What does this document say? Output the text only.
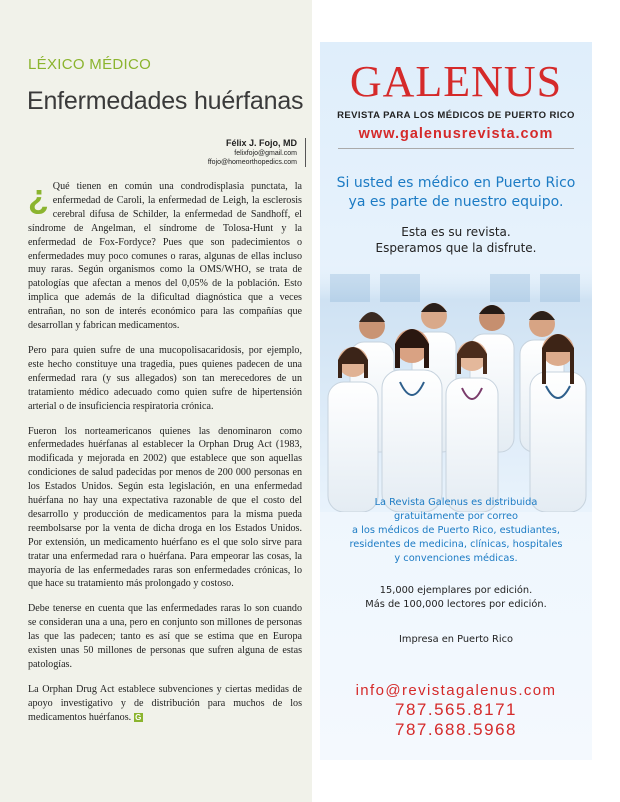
LÉXICO MÉDICO
Enfermedades huérfanas
Félix J. Fojo, MD
felixfojo@gmail.com
ffojo@homeorthopedics.com

¿ Qué tienen en común una condrodisplasia punctata, la enfermedad de Caroli, la enfermedad de Leigh, la esclerosis cerebral difusa de Schilder, la enfermedad de Sandhoff, el síndrome de Angelman, el síndrome de Tolosa-Hunt y la enfermedad de Fox-Fordyce? Pues que son padecimientos o enfermedades muy poco comunes o raras, algunas de ellas incluso muy raras. Según organismos como la OMS/WHO, se trata de patologías que afectan a menos del 0,05% de la población. Esto implica que además de la dificultad diagnóstica que a veces entrañan, no son de interés económico para las compañías que desarrollan y fabrican medicamentos.

Pero para quien sufre de una mucopolisacaridosis, por ejemplo, este hecho constituye una tragedia, pues quienes padecen de una enfermedad rara (y sus allegados) son tan merecedores de un tratamiento médico adecuado como quien sufre de hipertensión arterial o de insuficiencia respiratoria crónica.

Fueron los norteamericanos quienes las denominaron como enfermedades huérfanas al establecer la Orphan Drug Act (1983, modificada y mejorada en 2002) que establece que son aquellas condiciones de salud padecidas por menos de 200 000 personas en los Estados Unidos. Según esta legislación, en una enfermedad huérfana no hay una expectativa razonable de que el costo del desarrollo y producción de medicamentos para la misma pueda reembolsarse por la venta de dicha droga en los Estados Unidos. Por extensión, un medicamento huérfano es el que solo sirve para tratar una enfermedad rara o huérfana. Para empeorar las cosas, la mayoría de las enfermedades raras son enfermedades crónicas, lo que hace su tratamiento más prolongado y costoso.

Debe tenerse en cuenta que las enfermedades raras lo son cuando se consideran una a una, pero en conjunto son millones de personas las que las padecen; tanto es así que se estima que en Europa existen unas 50 millones de personas que sufren alguna de estas patologías.

La Orphan Drug Act establece subvenciones y ciertas medidas de apoyo investigativo y de distribución para muchos de los medicamentos huérfanos. G

GALENUS
REVISTA PARA LOS MÉDICOS DE PUERTO RICO
www.galenusrevista.com
Si usted es médico en Puerto Rico
ya es parte de nuestro equipo.
Esta es su revista.
Esperamos que la disfrute.
La Revista Galenus es distribuida
gratuitamente por correo
a los médicos de Puerto Rico, estudiantes,
residentes de medicina, clínicas, hospitales
y convenciones médicas.
15,000 ejemplares por edición.
Más de 100,000 lectores por edición.
Impresa en Puerto Rico
info@revistagalenus.com
787.565.8171
787.688.5968
